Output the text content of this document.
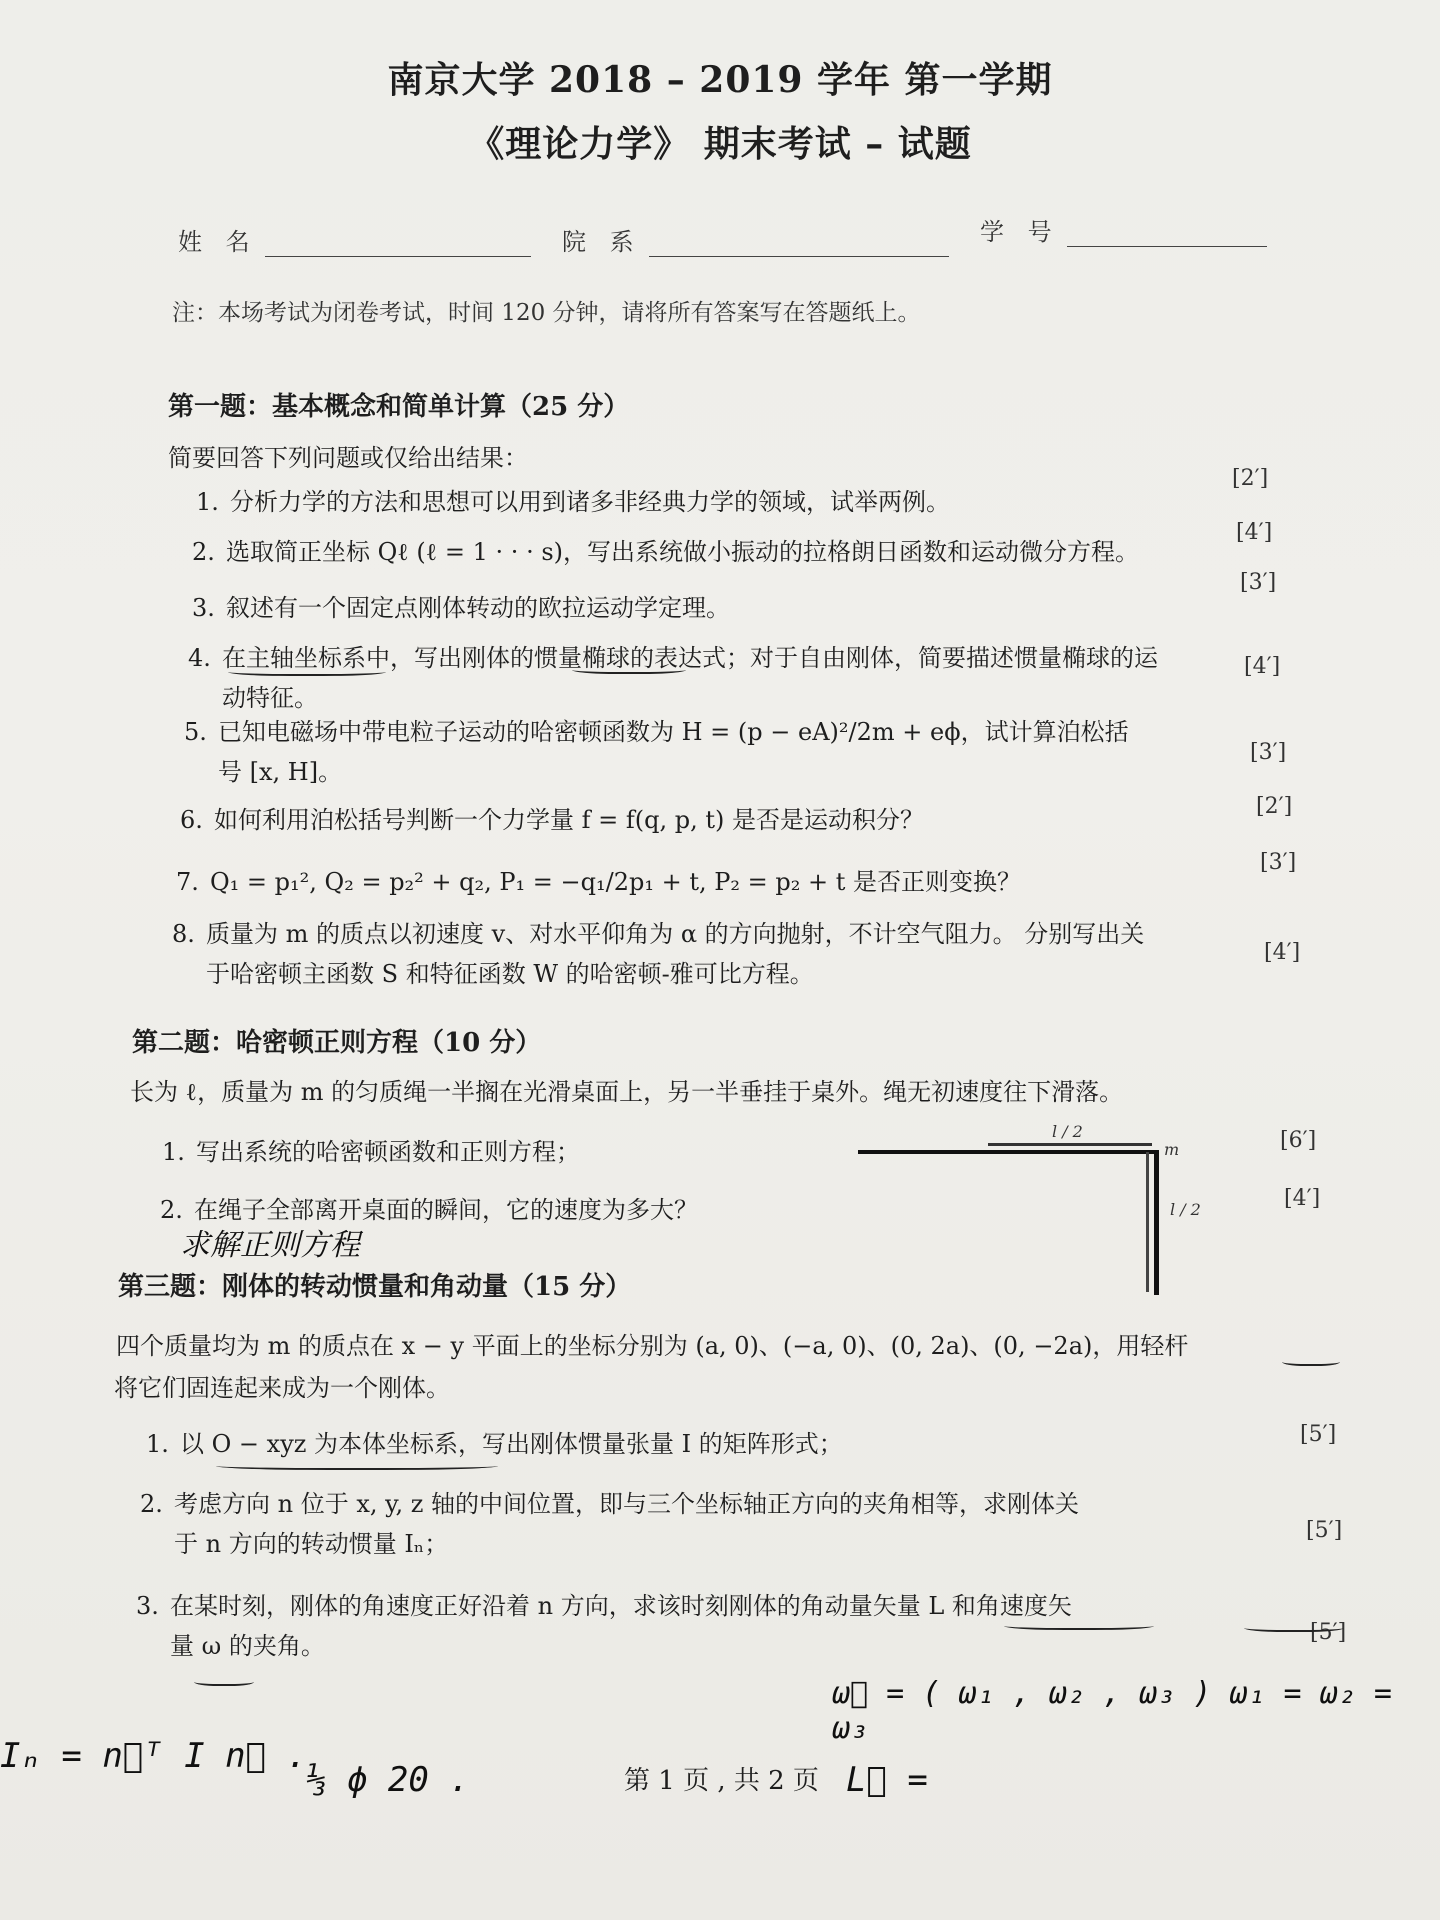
南京大学 2018 – 2019 学年 第一学期
《理论力学》 期末考试 – 试题
姓 名	院 系	学 号
注：本场考试为闭卷考试，时间 120 分钟，请将所有答案写在答题纸上。
第一题：基本概念和简单计算（25 分）
简要回答下列问题或仅给出结果：
1. 分析力学的方法和思想可以用到诸多非经典力学的领域，试举两例。
[2′]
2. 选取简正坐标 Qℓ (ℓ = 1 · · · s)，写出系统做小振动的拉格朗日函数和运动微分方程。
[4′]
3. 叙述有一个固定点刚体转动的欧拉运动学定理。
[3′]
4. 在主轴坐标系中，写出刚体的惯量椭球的表达式；对于自由刚体，简要描述惯量椭球的运
动特征。
[4′]
5. 已知电磁场中带电粒子运动的哈密顿函数为 H = (p − eA)²/2m + eϕ，试计算泊松括
号 [x, H]。
[3′]
6. 如何利用泊松括号判断一个力学量 f = f(q, p, t) 是否是运动积分？	[2′]
7. Q₁ = p₁², Q₂ = p₂² + q₂, P₁ = −q₁/2p₁ + t, P₂ = p₂ + t 是否正则变换？
[3′]
8. 质量为 m 的质点以初速度 v、对水平仰角为 α 的方向抛射，不计空气阻力。 分别写出关
于哈密顿主函数 S 和特征函数 W 的哈密顿-雅可比方程。
[4′]
第二题：哈密顿正则方程（10 分）
长为 ℓ，质量为 m 的匀质绳一半搁在光滑桌面上，另一半垂挂于桌外。绳无初速度往下滑落。
1. 写出系统的哈密顿函数和正则方程；	[6′]
2. 在绳子全部离开桌面的瞬间，它的速度为多大？	[4′]
l / 2
m
l / 2
第三题：刚体的转动惯量和角动量（15 分）
四个质量均为 m 的质点在 x − y 平面上的坐标分别为 (a, 0)、(−a, 0)、(0, 2a)、(0, −2a)，用轻杆
将它们固连起来成为一个刚体。
1. 以 O − xyz 为本体坐标系，写出刚体惯量张量 I 的矩阵形式；	[5′]
2. 考虑方向 n 位于 x, y, z 轴的中间位置，即与三个坐标轴正方向的夹角相等，求刚体关
于 n 方向的转动惯量 Iₙ；	[5′]
3. 在某时刻，刚体的角速度正好沿着 n 方向，求该时刻刚体的角动量矢量 L 和角速度矢
量 ω 的夹角。	[5′]
求解正则方程
Iₙ = n⃗ᵀ I n⃗ .
⅓ ϕ 20 .
ω⃗ = ( ω₁ , ω₂ , ω₃ ) ω₁ = ω₂ = ω₃
L⃗ =
第 1 页 , 共 2 页
